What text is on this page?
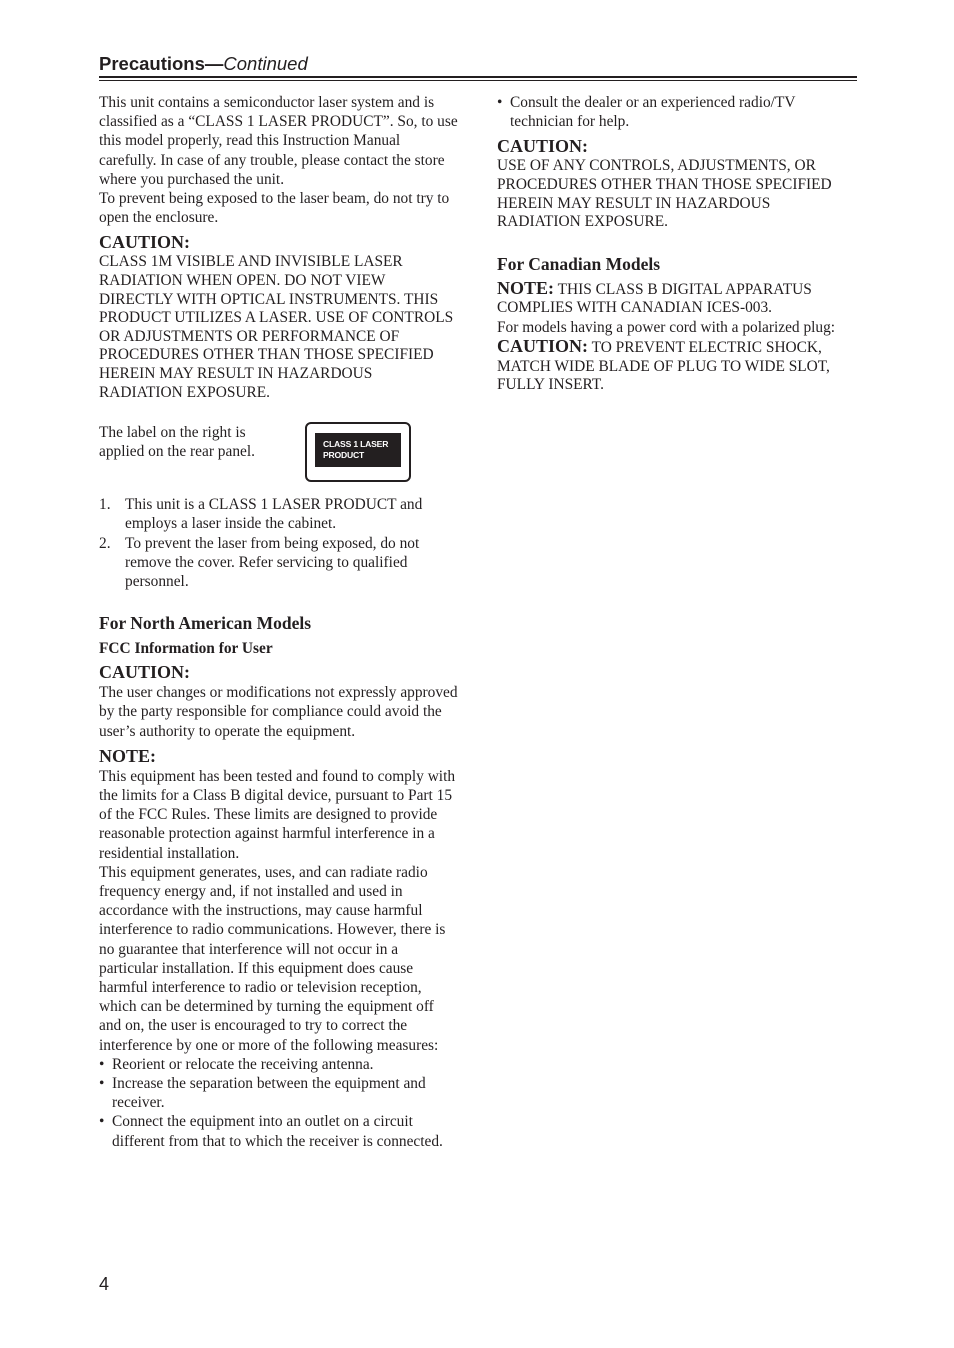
Precautions—Continued

This unit contains a semiconductor laser system and is classified as a “CLASS 1 LASER PRODUCT”. So, to use this model properly, read this Instruction Manual carefully. In case of any trouble, please contact the store where you purchased the unit.

To prevent being exposed to the laser beam, do not try to open the enclosure.

CAUTION:

CLASS 1M VISIBLE AND INVISIBLE LASER RADIATION WHEN OPEN. DO NOT VIEW DIRECTLY WITH OPTICAL INSTRUMENTS. THIS PRODUCT UTILIZES A LASER. USE OF CONTROLS OR ADJUSTMENTS OR PERFORMANCE OF PROCEDURES OTHER THAN THOSE SPECIFIED HEREIN MAY RESULT IN HAZARDOUS RADIATION EXPOSURE.

The label on the right is applied on the rear panel.	CLASS 1 LASER
PRODUCT
1. This unit is a CLASS 1 LASER PRODUCT and employs a laser inside the cabinet.
2. To prevent the laser from being exposed, do not remove the cover. Refer servicing to qualified personnel.

For North American Models

FCC Information for User

CAUTION:

The user changes or modifications not expressly approved by the party responsible for compliance could avoid the user’s authority to operate the equipment.

NOTE:

This equipment has been tested and found to comply with the limits for a Class B digital device, pursuant to Part 15 of the FCC Rules. These limits are designed to provide reasonable protection against harmful interference in a residential installation.

This equipment generates, uses, and can radiate radio frequency energy and, if not installed and used in accordance with the instructions, may cause harmful interference to radio communications. However, there is no guarantee that interference will not occur in a particular installation. If this equipment does cause harmful interference to radio or television reception, which can be determined by turning the equipment off and on, the user is encouraged to try to correct the interference by one or more of the following measures:

• Reorient or relocate the receiving antenna.
• Increase the separation between the equipment and receiver.
• Connect the equipment into an outlet on a circuit different from that to which the receiver is connected.
• Consult the dealer or an experienced radio/TV technician for help.

CAUTION:

USE OF ANY CONTROLS, ADJUSTMENTS, OR PROCEDURES OTHER THAN THOSE SPECIFIED HEREIN MAY RESULT IN HAZARDOUS RADIATION EXPOSURE.

For Canadian Models

NOTE: THIS CLASS B DIGITAL APPARATUS COMPLIES WITH CANADIAN ICES-003.

For models having a power cord with a polarized plug:

CAUTION: TO PREVENT ELECTRIC SHOCK, MATCH WIDE BLADE OF PLUG TO WIDE SLOT, FULLY INSERT.

4
